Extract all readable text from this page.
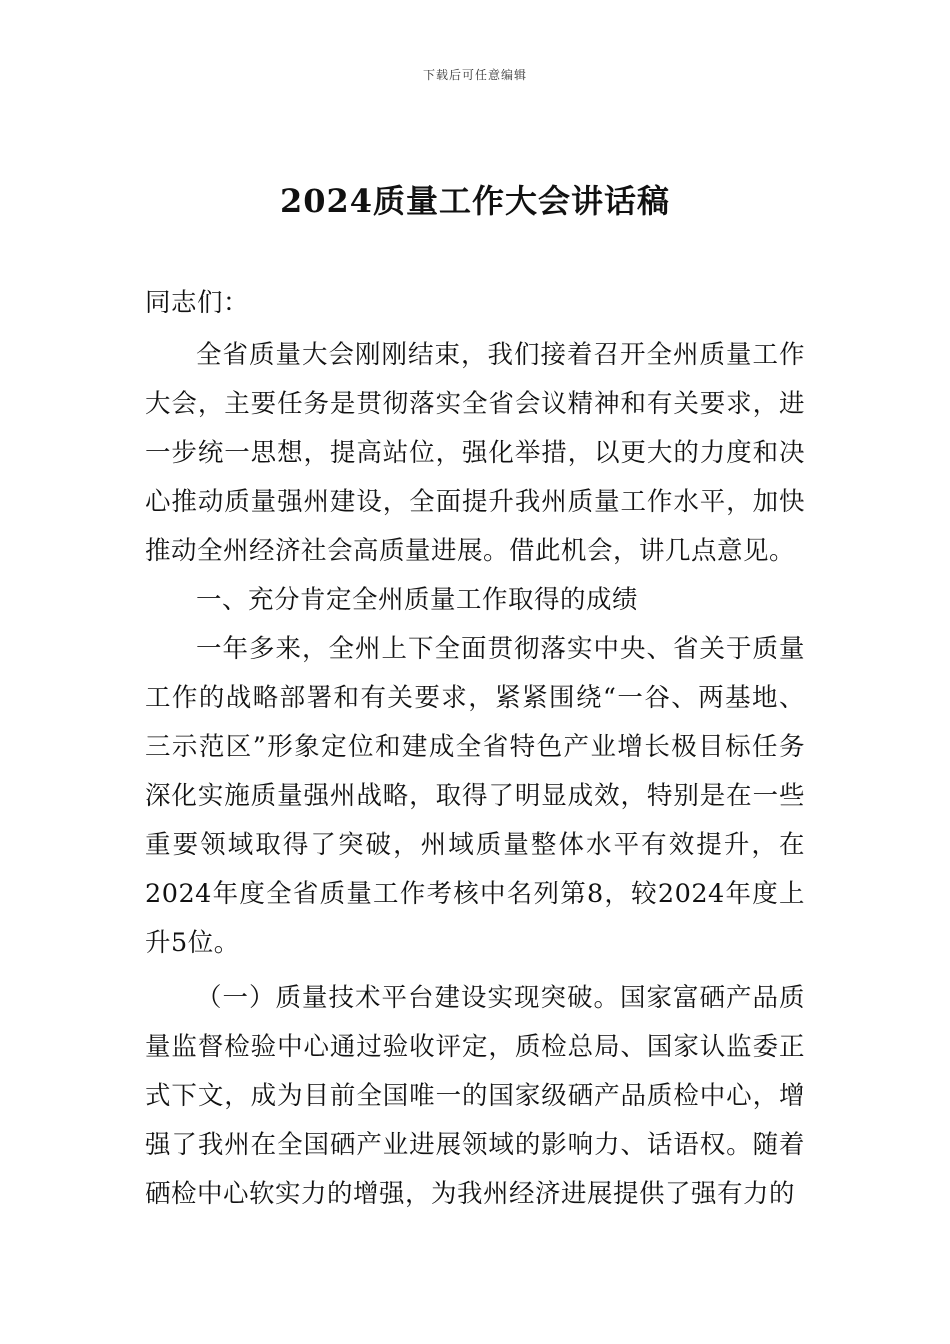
下载后可任意编辑
2024质量工作大会讲话稿

同志们：

全省质量大会刚刚结束，我们接着召开全州质量工作大会，主要任务是贯彻落实全省会议精神和有关要求，进一步统一思想，提高站位，强化举措，以更大的力度和决心推动质量强州建设，全面提升我州质量工作水平，加快推动全州经济社会高质量进展。借此机会，讲几点意见。

一、充分肯定全州质量工作取得的成绩

一年多来，全州上下全面贯彻落实中央、省关于质量工作的战略部署和有关要求，紧紧围绕“一谷、两基地、三示范区”形象定位和建成全省特色产业增长极目标任务深化实施质量强州战略，取得了明显成效，特别是在一些重要领域取得了突破，州域质量整体水平有效提升，在2024年度全省质量工作考核中名列第8，较2024年度上升5位。

（一）质量技术平台建设实现突破。国家富硒产品质量监督检验中心通过验收评定，质检总局、国家认监委正式下文，成为目前全国唯一的国家级硒产品质检中心，增强了我州在全国硒产业进展领域的影响力、话语权。随着硒检中心软实力的增强，为我州经济进展提供了强有力的
